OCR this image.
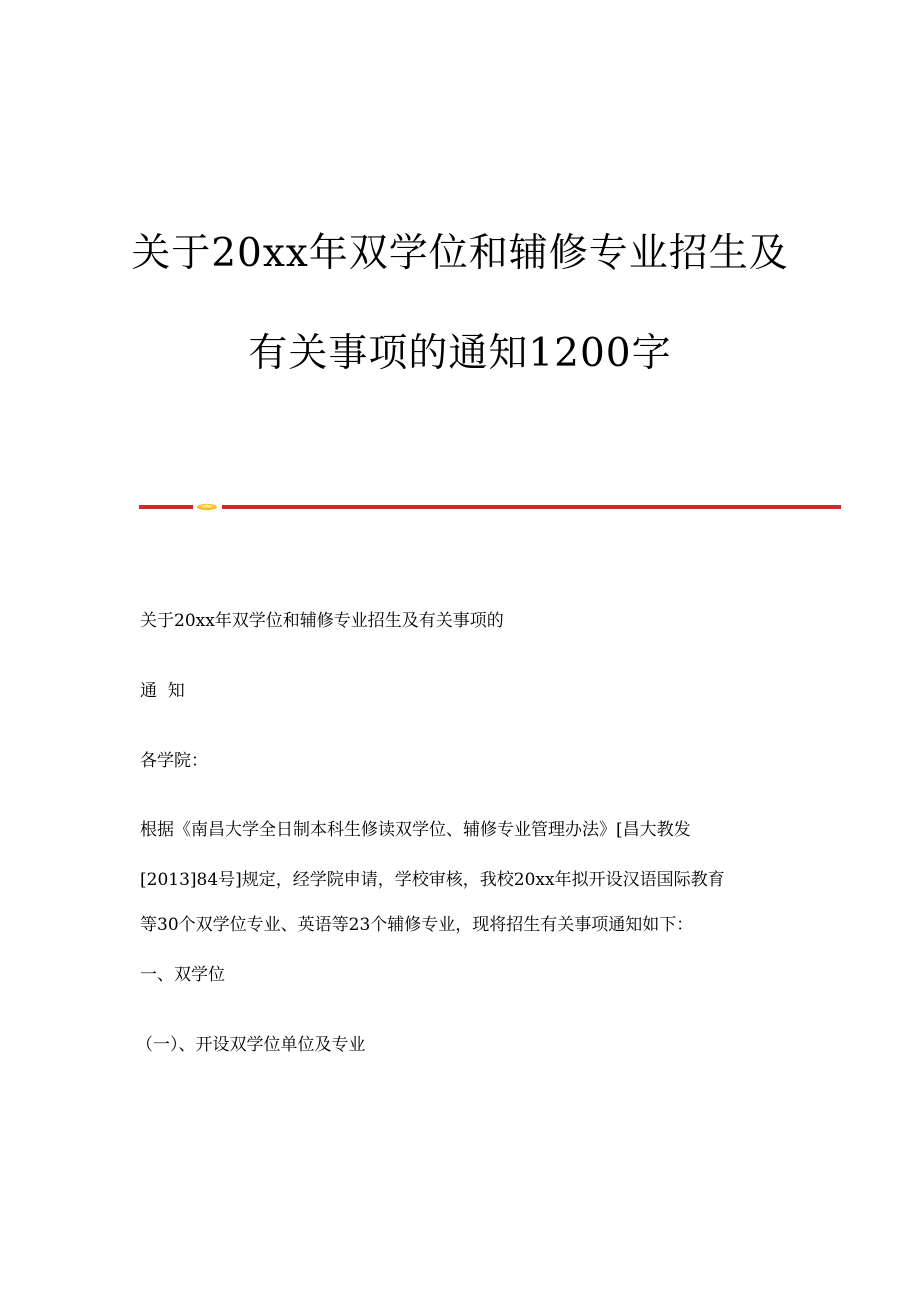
关于20xx年双学位和辅修专业招生及
有关事项的通知1200字
关于20xx年双学位和辅修专业招生及有关事项的
通  知
各学院：
根据《南昌大学全日制本科生修读双学位、辅修专业管理办法》[昌大教发
[2013]84号]规定，经学院申请，学校审核，我校20xx年拟开设汉语国际教育
等30个双学位专业、英语等23个辅修专业，现将招生有关事项通知如下：
一、双学位
（一）、开设双学位单位及专业
